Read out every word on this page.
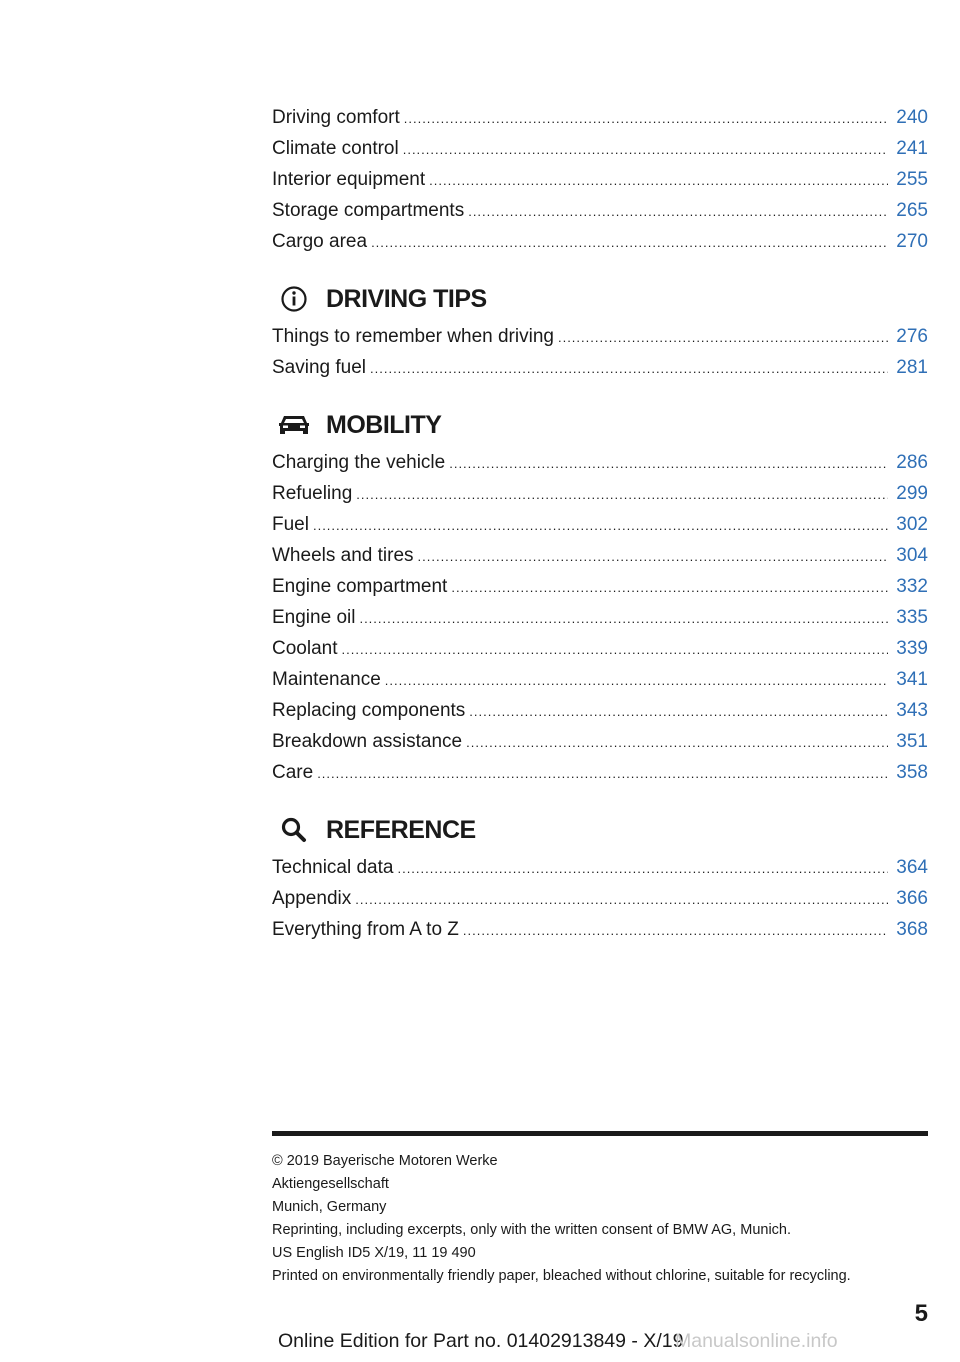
Driving comfort .....	240
Climate control .....	241
Interior equipment .....	255
Storage compartments .....	265
Cargo area .....	270
DRIVING TIPS
Things to remember when driving .....	276
Saving fuel .....	281
MOBILITY
Charging the vehicle .....	286
Refueling .....	299
Fuel .....	302
Wheels and tires .....	304
Engine compartment .....	332
Engine oil .....	335
Coolant .....	339
Maintenance .....	341
Replacing components .....	343
Breakdown assistance .....	351
Care .....	358
REFERENCE
Technical data .....	364
Appendix .....	366
Everything from A to Z .....	368
© 2019 Bayerische Motoren Werke
Aktiengesellschaft
Munich, Germany
Reprinting, including excerpts, only with the written consent of BMW AG, Munich.
US English ID5 X/19, 11 19 490
Printed on environmentally friendly paper, bleached without chlorine, suitable for recycling.
5
Online Edition for Part no. 01402913849 - X/19
Manualsonline.info
